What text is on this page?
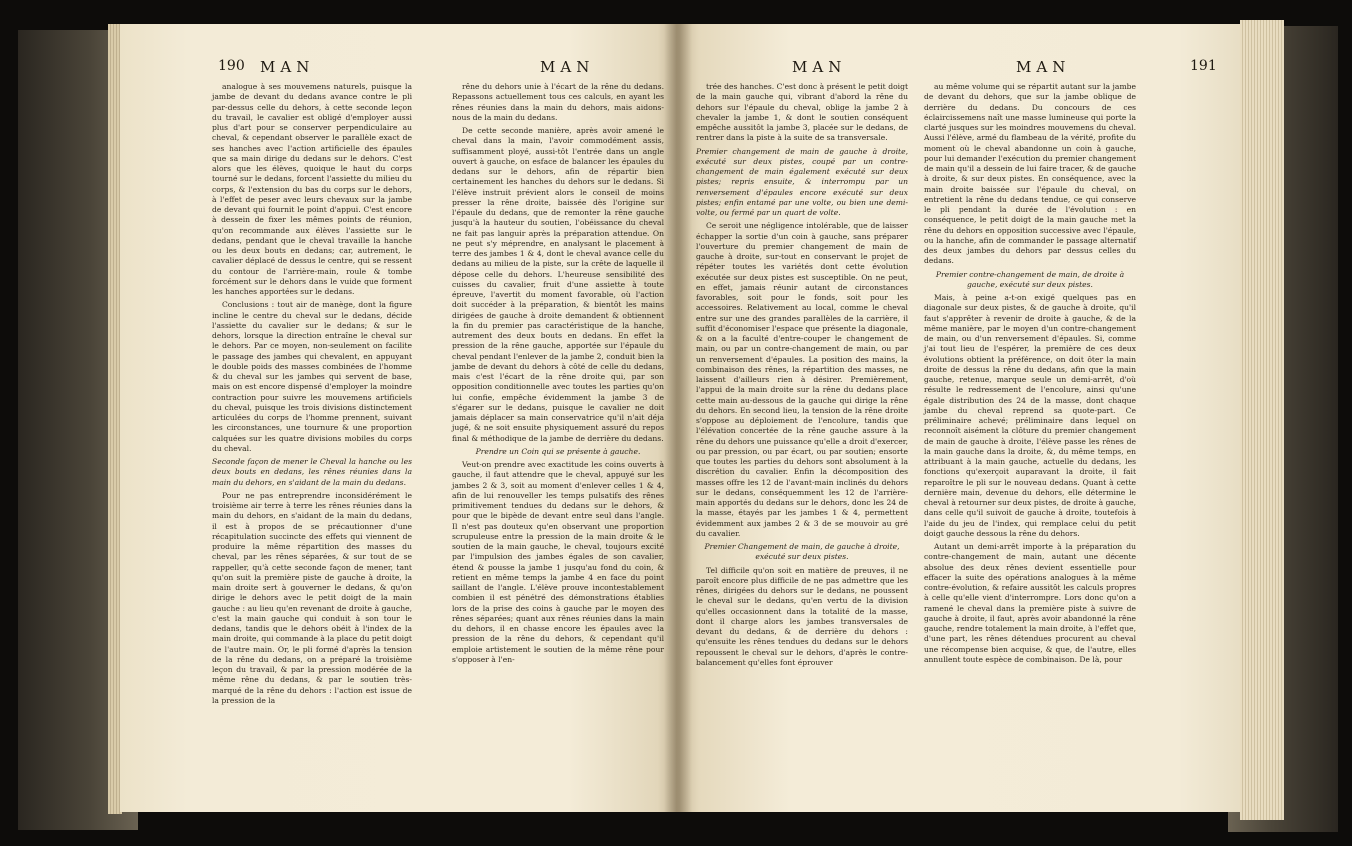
190 MAN	MAN

analogue à ses mouvemens naturels, puisque la jambe de devant du dedans avance contre le pli par-dessus celle du dehors, à cette seconde leçon du travail, le cavalier est obligé d'employer aussi plus d'art pour se conserver perpendiculaire au cheval, & cependant observer le parallèle exact de ses hanches avec l'action artificielle des épaules que sa main dirige du dedans sur le dehors. C'est alors que les élèves, quoique le haut du corps tourné sur le dedans, forcent l'assiette du milieu du corps, & l'extension du bas du corps sur le dehors, à l'effet de peser avec leurs chevaux sur la jambe de devant qui fournit le point d'appui. C'est encore à dessein de fixer les mêmes points de réunion, qu'on recommande aux élèves l'assiette sur le dedans, pendant que le cheval travaille la hanche ou les deux bouts en dedans; car, autrement, le cavalier déplacé de dessus le centre, qui se ressent du contour de l'arrière-main, roule & tombe forcément sur le dehors dans le vuide que forment les hanches apportées sur le dedans.

Conclusions : tout air de manège, dont la figure incline le centre du cheval sur le dedans, décide l'assiette du cavalier sur le dedans; & sur le dehors, lorsque la direction entraîne le cheval sur le dehors. Par ce moyen, non-seulement on facilite le passage des jambes qui chevalent, en appuyant le double poids des masses combinées de l'homme & du cheval sur les jambes qui servent de base, mais on est encore dispensé d'employer la moindre contraction pour suivre les mouvemens artificiels du cheval, puisque les trois divisions distinctement articulées du corps de l'homme prennent, suivant les circonstances, une tournure & une proportion calquées sur les quatre divisions mobiles du corps du cheval.

Seconde façon de mener le Cheval la hanche ou les deux bouts en dedans, les rênes réunies dans la main du dehors, en s'aidant de la main du dedans.

Pour ne pas entreprendre inconsidérément le troisième air terre à terre les rênes réunies dans la main du dehors, en s'aidant de la main du dedans, il est à propos de se précautionner d'une récapitulation succincte des effets qui viennent de produire la même répartition des masses du cheval, par les rênes séparées, & sur tout de se rappeller, qu'à cette seconde façon de mener, tant qu'on suit la première piste de gauche à droite, la main droite sert à gouverner le dedans, & qu'on dirige le dehors avec le petit doigt de la main gauche : au lieu qu'en revenant de droite à gauche, c'est la main gauche qui conduit à son tour le dedans, tandis que le dehors obéit à l'index de la main droite, qui commande à la place du petit doigt de l'autre main. Or, le pli formé d'après la tension de la rêne du dedans, on a préparé la troisième leçon du travail, & par la pression modérée de la même rêne du dedans, & par le soutien très-marqué de la rêne du dehors : l'action est issue de la pression de la

rêne du dehors unie à l'écart de la rêne du dedans. Repassons actuellement tous ces calculs, en ayant les rênes réunies dans la main du dehors, mais aidons-nous de la main du dedans.

De cette seconde manière, après avoir amené le cheval dans la main, l'avoir commodément assis, suffisamment ployé, aussi-tôt l'entrée dans un angle ouvert à gauche, on esface de balancer les épaules du dedans sur le dehors, afin de répartir bien certainement les hanches du dehors sur le dedans. Si l'élève instruit prévient alors le conseil de moins presser la rêne droite, baissée dès l'origine sur l'épaule du dedans, que de remonter la rêne gauche jusqu'à la hauteur du soutien, l'obéissance du cheval ne fait pas languir après la préparation attendue. On ne peut s'y méprendre, en analysant le placement à terre des jambes 1 & 4, dont le cheval avance celle du dedans au milieu de la piste, sur la crête de laquelle il dépose celle du dehors. L'heureuse sensibilité des cuisses du cavalier, fruit d'une assiette à toute épreuve, l'avertit du moment favorable, où l'action doit succéder à la préparation, & bientôt les mains dirigées de gauche à droite demandent & obtiennent la fin du premier pas caractéristique de la hanche, autrement des deux bouts en dedans. En effet la pression de la rêne gauche, apportée sur l'épaule du cheval pendant l'enlever de la jambe 2, conduit bien la jambe de devant du dehors à côté de celle du dedans, mais c'est l'écart de la rêne droite qui, par son opposition conditionnelle avec toutes les parties qu'on lui confie, empêche évidemment la jambe 3 de s'égarer sur le dedans, puisque le cavalier ne doit jamais déplacer sa main conservatrice qu'il n'ait déja jugé, & ne soit ensuite physiquement assuré du repos final & méthodique de la jambe de derrière du dedans.

Prendre un Coin qui se présente à gauche.

Veut-on prendre avec exactitude les coins ouverts à gauche, il faut attendre que le cheval, appuyé sur les jambes 2 & 3, soit au moment d'enlever celles 1 & 4, afin de lui renouveller les temps pulsatifs des rênes primitivement tendues du dedans sur le dehors, & pour que le bipède de devant entre seul dans l'angle. Il n'est pas douteux qu'en observant une proportion scrupuleuse entre la pression de la main droite & le soutien de la main gauche, le cheval, toujours excité par l'impulsion des jambes égales de son cavalier, étend & pousse la jambe 1 jusqu'au fond du coin, & retient en même temps la jambe 4 en face du point saillant de l'angle. L'élève prouve incontestablement combien il est pénétré des démonstrations établies lors de la prise des coins à gauche par le moyen des rênes séparées; quant aux rênes réunies dans la main du dehors, il en chasse encore les épaules avec la pression de la rêne du dehors, & cependant qu'il emploie artistement le soutien de la même rêne pour s'opposer à l'en-

MAN	MAN	191

trée des hanches. C'est donc à présent le petit doigt de la main gauche qui, vibrant d'abord la rêne du dehors sur l'épaule du cheval, oblige la jambe 2 à chevaler la jambe 1, & dont le soutien conséquent empêche aussitôt la jambe 3, placée sur le dedans, de rentrer dans la piste à la suite de sa transversale.

Premier changement de main de gauche à droite, exécuté sur deux pistes, coupé par un contre-changement de main également exécuté sur deux pistes; repris ensuite, & interrompu par un renversement d'épaules encore exécuté sur deux pistes; enfin entamé par une volte, ou bien une demi-volte, ou fermé par un quart de volte.

Ce seroit une négligence intolérable, que de laisser échapper la sortie d'un coin à gauche, sans préparer l'ouverture du premier changement de main de gauche à droite, sur-tout en conservant le projet de répéter toutes les variétés dont cette évolution exécutée sur deux pistes est susceptible. On ne peut, en effet, jamais réunir autant de circonstances favorables, soit pour le fonds, soit pour les accessoires. Relativement au local, comme le cheval entre sur une des grandes parallèles de la carrière, il suffit d'économiser l'espace que présente la diagonale, & on a la faculté d'entre-couper le changement de main, ou par un contre-changement de main, ou par un renversement d'épaules. La position des mains, la combinaison des rênes, la répartition des masses, ne laissent d'ailleurs rien à désirer. Premièrement, l'appui de la main droite sur la rêne du dedans place cette main au-dessous de la gauche qui dirige la rêne du dehors. En second lieu, la tension de la rêne droite s'oppose au déploiement de l'encolure, tandis que l'élévation concertée de la rêne gauche assure à la rêne du dehors une puissance qu'elle a droit d'exercer, ou par pression, ou par écart, ou par soutien; ensorte que toutes les parties du dehors sont absolument à la discrétion du cavalier. Enfin la décomposition des masses offre les 12 de l'avant-main inclinés du dehors sur le dedans, conséquemment les 12 de l'arrière-main apportés du dedans sur le dehors, donc les 24 de la masse, étayés par les jambes 1 & 4, permettent évidemment aux jambes 2 & 3 de se mouvoir au gré du cavalier.

Premier Changement de main, de gauche à droite, exécuté sur deux pistes.

Tel difficile qu'on soit en matière de preuves, il ne paroît encore plus difficile de ne pas admettre que les rênes, dirigées du dehors sur le dedans, ne poussent le cheval sur le dedans, qu'en vertu de la division qu'elles occasionnent dans la totalité de la masse, dont il charge alors les jambes transversales de devant du dedans, & de derrière du dehors : qu'ensuite les rênes tendues du dedans sur le dehors repoussent le cheval sur le dehors, d'après le contre-balancement qu'elles font éprouver

au même volume qui se répartit autant sur la jambe de devant du dehors, que sur la jambe oblique de derrière du dedans. Du concours de ces éclaircissemens naît une masse lumineuse qui porte la clarté jusques sur les moindres mouvemens du cheval. Aussi l'élève, armé du flambeau de la vérité, profite du moment où le cheval abandonne un coin à gauche, pour lui demander l'exécution du premier changement de main qu'il a dessein de lui faire tracer, & de gauche à droite, & sur deux pistes. En conséquence, avec la main droite baissée sur l'épaule du cheval, on entretient la rêne du dedans tendue, ce qui conserve le pli pendant la durée de l'évolution : en conséquence, le petit doigt de la main gauche met la rêne du dehors en opposition successive avec l'épaule, ou la hanche, afin de commander le passage alternatif des deux jambes du dehors par dessus celles du dedans.

Premier contre-changement de main, de droite à gauche, exécuté sur deux pistes.

Mais, à peine a-t-on exigé quelques pas en diagonale sur deux pistes, & de gauche à droite, qu'il faut s'apprêter à revenir de droite à gauche, & de la même manière, par le moyen d'un contre-changement de main, ou d'un renversement d'épaules. Si, comme j'ai tout lieu de l'espérer, la première de ces deux évolutions obtient la préférence, on doit ôter la main droite de dessus la rêne du dedans, afin que la main gauche, retenue, marque seule un demi-arrêt, d'où résulte le redressement de l'encolure, ainsi qu'une égale distribution des 24 de la masse, dont chaque jambe du cheval reprend sa quote-part. Ce préliminaire achevé; préliminaire dans lequel on reconnoît aisément la clôture du premier changement de main de gauche à droite, l'élève passe les rênes de la main gauche dans la droite, &, du même temps, en attribuant à la main gauche, actuelle du dedans, les fonctions qu'exerçoit auparavant la droite, il fait reparoître le pli sur le nouveau dedans. Quant à cette dernière main, devenue du dehors, elle détermine le cheval à retourner sur deux pistes, de droite à gauche, dans celle qu'il suivoit de gauche à droite, toutefois à l'aide du jeu de l'index, qui remplace celui du petit doigt gauche dessous la rêne du dehors.

Autant un demi-arrêt importe à la préparation du contre-changement de main, autant une décente absolue des deux rênes devient essentielle pour effacer la suite des opérations analogues à la même contre-évolution, & refaire aussitôt les calculs propres à celle qu'elle vient d'interrompre. Lors donc qu'on a ramené le cheval dans la première piste à suivre de gauche à droite, il faut, après avoir abandonné la rêne gauche, rendre totalement la main droite, à l'effet que, d'une part, les rênes détendues procurent au cheval une récompense bien acquise, & que, de l'autre, elles annullent toute espèce de combinaison. De là, pour
